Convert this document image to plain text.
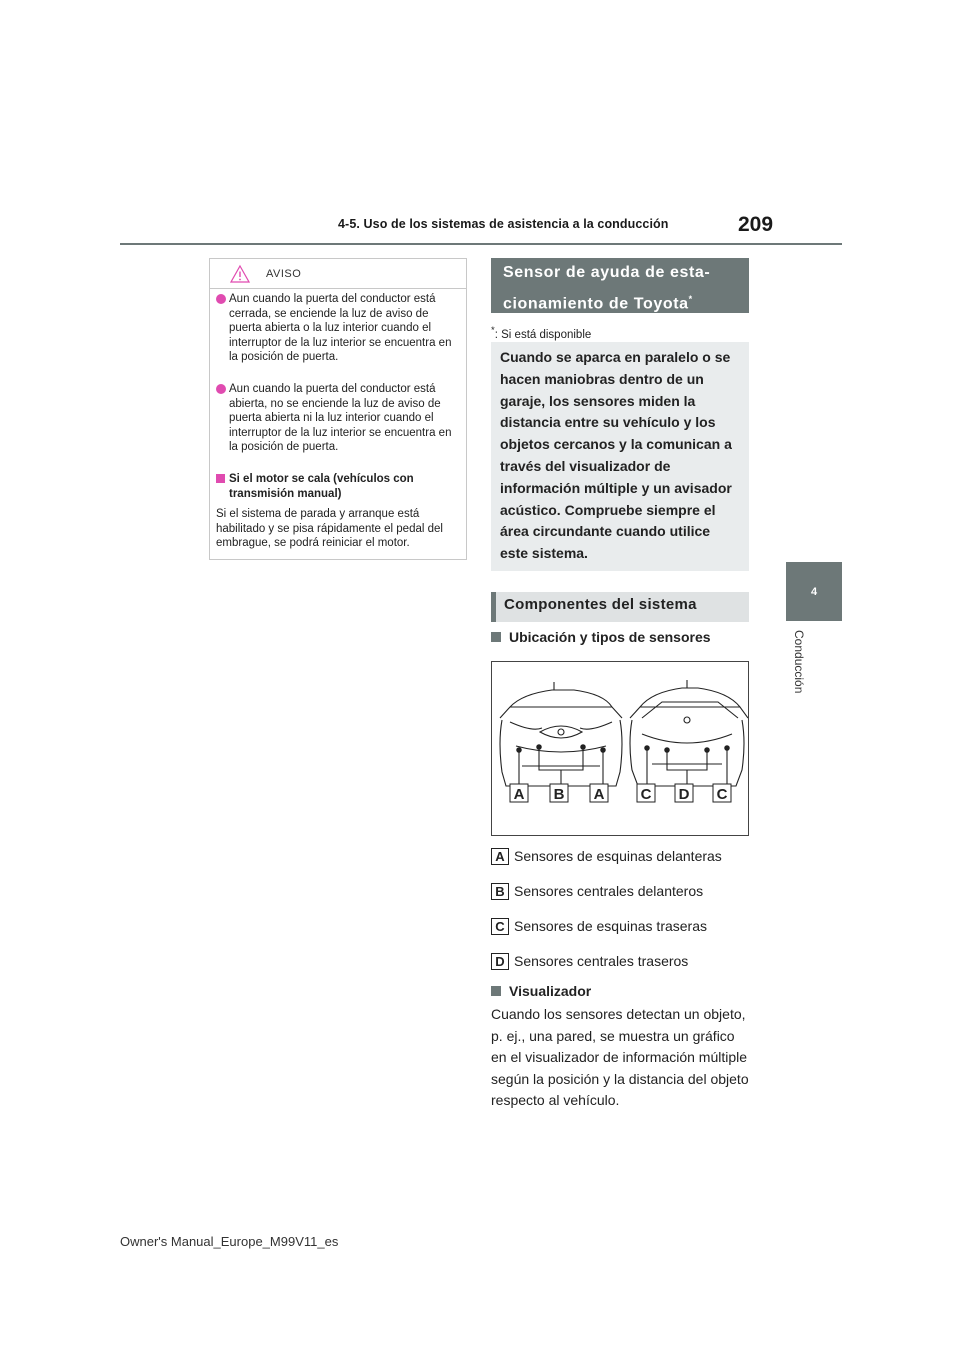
4-5. Uso de los sistemas de asistencia a la conducción	209
4
Conducción
AVISO
Aun cuando la puerta del conductor está cerrada, se enciende la luz de aviso de puerta abierta o la luz interior cuando el interruptor de la luz interior se encuentra en la posición de puerta.
Aun cuando la puerta del conductor está abierta, no se enciende la luz de aviso de puerta abierta ni la luz interior cuando el interruptor de la luz interior se encuentra en la posición de puerta.
Si el motor se cala (vehículos con transmisión manual)
Si el sistema de parada y arranque está habilitado y se pisa rápidamente el pedal del embrague, se podrá reiniciar el motor.
Sensor de ayuda de esta-
cionamiento de Toyota*
*: Si está disponible
Cuando se aparca en paralelo o se hacen maniobras dentro de un garaje, los sensores miden la distancia entre su vehículo y los objetos cercanos y la comunican a través del visualizador de información múltiple y un avisador acústico. Compruebe siempre el área circundante cuando utilice este sistema.
Componentes del sistema
Ubicación y tipos de sensores
A B A C D C
A Sensores de esquinas delanteras
B Sensores centrales delanteros
C Sensores de esquinas traseras
D Sensores centrales traseros
Visualizador
Cuando los sensores detectan un objeto, p. ej., una pared, se muestra un gráfico en el visualizador de información múltiple según la posición y la distancia del objeto respecto al vehículo.
Owner's Manual_Europe_M99V11_es
